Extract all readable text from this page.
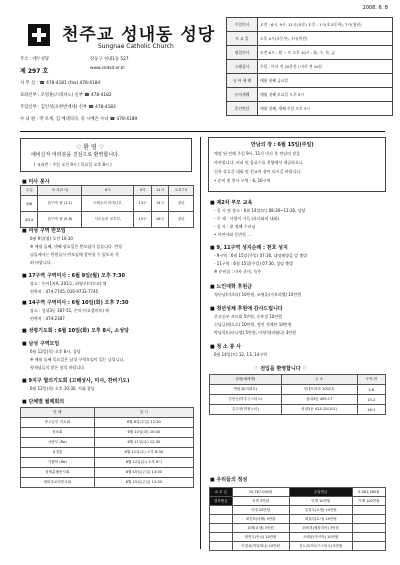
2008. 6. 8
천주교 성내동 성당
Sungnae Catholic Church
주소 : 에두성당	강동구 성내1동 527
제 297 호	www.sndsd.or.kr
사 무 실 : ☎ 478-4181 (fax) 478-4184
보좌신부 : 조영훈(스테파노) 신부 ☎ 478-4182
주임신부 : 김인성(요한반데네) 신부 ☎ 478-4183
수 녀 원 : 박 모세, 김 베네딕다, 유 시메온 수녀 ☎ 478-4189
주일미사	오전 : 6시, 9시, 11시(교중) 오후 : 1시(초교동학), 7시(청년)
토 요 일	오후 4시(초등부), 7시(특전)
평일미사	오전 6시 : 월 ~ 토 오후 10시 : 화, 수, 목, 금
고해성사	주일 : 미사 전 20분간 / 미사 전 10분
유 아 세 례	매월 첫째 금요일
유아세례	매월 첫째 토요일 오후 5시
혼인면담	매월 첫째, 셋째 주일 오후 3시
♡ 환 영 ♡
예비신자 여러분을 진심으로 환영합니다.
( 교리반 : 주일 오전 9시 / 목요일 오후 8시 )
■ 미사 봉사
주일	독 서(7시)	6시	9시	11시	오후7시
6/8	한구역 장 (1-1)	구세주의 어머니부,	13구	14구	청년
6/15	한구역 장 (5-8)	사도들의 모후부,	15구	16구	청년
■ 여성 구역 반모임
6월 9일(월) 오전 10:30
※ 매월 둘째, 넷째 월요일은 반모임이 있습니다. 반장
님들께서는 반원들이 반모임에 참여할 수 있도록 격
려 바랍니다.
■ 17구역 구역미사 : 6월 9일(월) 오후 7:30
장소 : 동아1차A, 201호, 최영구(마르코) 댁
연락처 : 474-7745, 016-9733-7745
■ 14구역 구역미사 : 6월 10일(화) 오후 7:30
장소 : 성내3동 387-51, 손익수(요셉미트) 댁
연락처 : 474-2387
■ 성령기도회 : 6월 10일(화) 오후 8시, 소성당
■ 남성 구역모임
6월 12일(목) 오후 8시, 성당
※ 매월 둘째 목요일은 남성 구역모임이 있는 날입니다.
형제님들의 많은 참석 바랍니다.
■ 9지구 협의기도회 (고해성사, 미사, 찬비기도)
6월 12일(목) 오후 10:30, 지휘 참당
■ 단체별 월례회의
단 체	일 시
중고등부 자모회	6월 8일(주일) 12:30
성소회	6월 10일(화) 10:40
사랑부 (Re)	6월 11일(수) 12:30
성경통	6월 11일(수) 오후 8:30
기쁨의 (Re)	6월 12일(수) 오후 8시
성체분배봉사회	6월 15일(주일) 13:30
예비자교리봉사회	6월 15일(주일) 12:30
만남의 장 : 6월 15일(주일)
예정 된 전례 주일 9시, 11시 미사 후 만남의 장을
마련합니다. 커피 및 음료수를 친양에서 제공하오니
신자 상호간 대화 및 친교의 장이 되시길 바랍니다.
• 준비 및 봉사 구역 - 6, 16구역
■ 제2차 부모 교육
- 일 시 및 장소 : 6월 14일(토) 08:30~11:30, 강당
- 주 제 : 사랑이 가득 (자녀와의 대화)
- 강 사 : 윤 정혜 수녀님
• 어린이와 동반한 ...
■ 9, 11구역 성지순례 : 천호 성지
- 9구역 : 6월 15일(주일) 07:30, 대성레방을 앞 출발
- 11구역 : 6월 15일(주일) 07:30, 성당 출발
※ 준비물 : 미사 준비, 묵주
■ 노인대학 후원금
청년남(미르타) 10만원, 조명훈(가브리엘) 10만원
■ 청년성체 후원에 감사드립니다
중고등부 자모회 5만원, 중부성 10만원
신남금(베드로) 10만원, 정인 전례단 10만원
박남희(나타나엘) 5만원, 이형희(미래나) 3만원
■ 청 소 봉 사
6월 14일(토) 12, 13, 14구역
♡ 전입을 환영합니다 ♡
성명(세례명)	주 소	구역-반
박원권(미대로)	성내프라자 1002호	2-6
김현순(아우구스티노)	성내3동 409-17	15-2
김주현(미정노마)	성내3동 423-20(101)	16-1
■ 우리들의 정성
교 무 금	10,767,000원	주일헌금	5,461,160원
감사헌금	익명 3만원	익명 10만원	이맹 100만원
	익명 20만원	김정수(요셉) 10만원	
	최진표(마태) 5만원	최효아(로사) 10만원	
	회계(요셉) 3만원	최혁경(체칠리아) 3만원	
	양영우(안나) 10만원	오배윤(막시아) 10만원	
	이경옥(막달레나) 10만원	김도순(아우구스티노) 5만원	
